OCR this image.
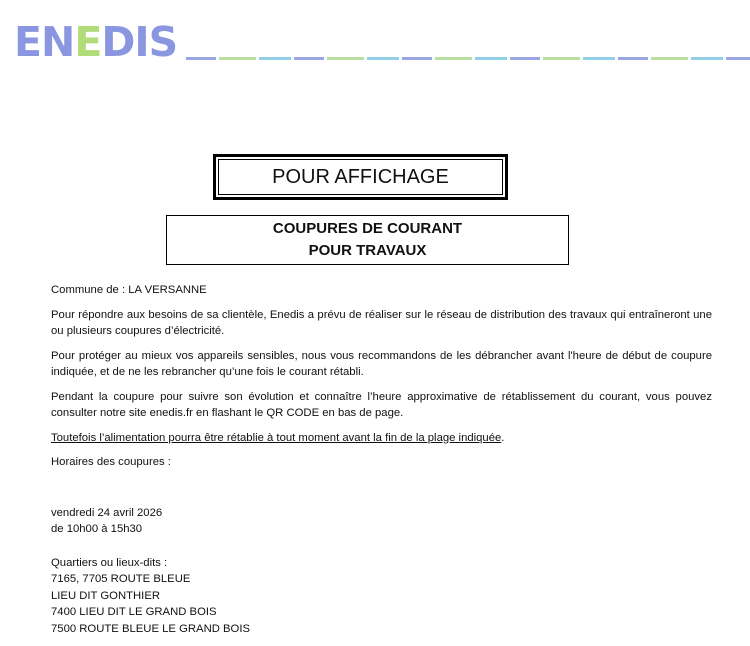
ENEDIS
POUR AFFICHAGE
COUPURES DE COURANT
POUR TRAVAUX

Commune de : LA VERSANNE

Pour répondre aux besoins de sa clientèle, Enedis a prévu de réaliser sur le réseau de distribution des travaux qui entraîneront une ou plusieurs coupures d’électricité.

Pour protéger au mieux vos appareils sensibles, nous vous recommandons de les débrancher avant l'heure de début de coupure indiquée, et de ne les rebrancher qu’une fois le courant rétabli.

Pendant la coupure pour suivre son évolution et connaître l’heure approximative de rétablissement du courant, vous pouvez consulter notre site enedis.fr en flashant le QR CODE en bas de page.

Toutefois l’alimentation pourra être rétablie à tout moment avant la fin de la plage indiquée.

Horaires des coupures :

vendredi 24 avril 2026
de 10h00 à 15h30
Quartiers ou lieux-dits :
7165, 7705 ROUTE BLEUE
LIEU DIT GONTHIER
7400 LIEU DIT LE GRAND BOIS
7500 ROUTE BLEUE LE GRAND BOIS
